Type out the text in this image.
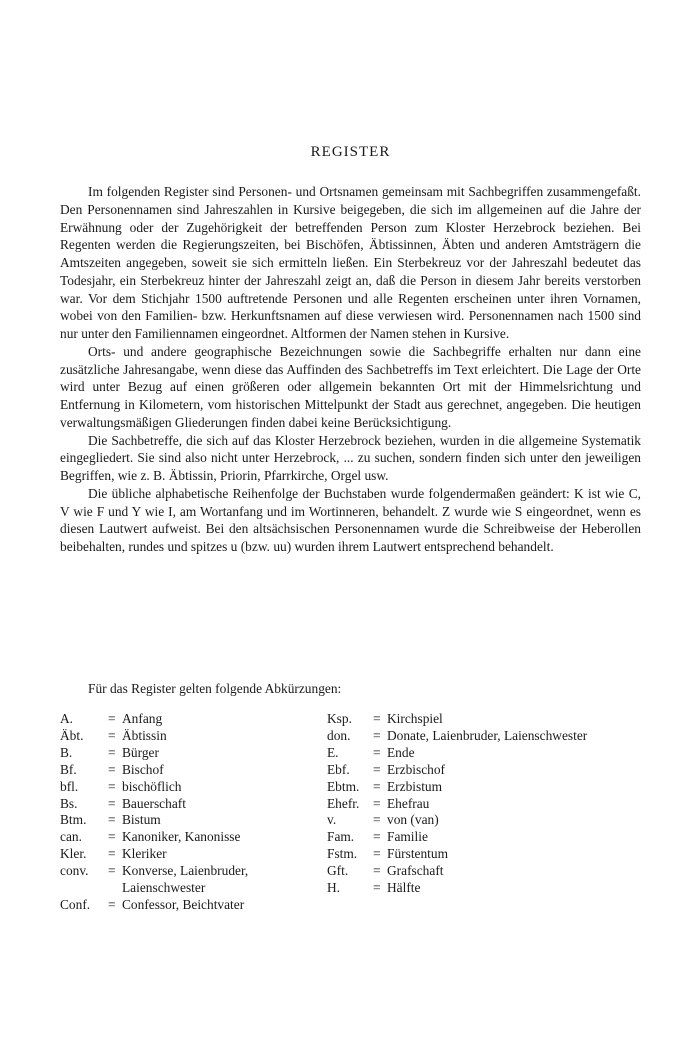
REGISTER

Im folgenden Register sind Personen- und Ortsnamen gemeinsam mit Sachbegriffen zusammengefaßt. Den Personennamen sind Jahreszahlen in Kursive beigegeben, die sich im allgemeinen auf die Jahre der Erwähnung oder der Zugehörigkeit der betreffenden Person zum Kloster Herzebrock beziehen. Bei Regenten werden die Regierungszeiten, bei Bischöfen, Äbtissinnen, Äbten und anderen Amtsträgern die Amtszeiten angegeben, soweit sie sich ermitteln ließen. Ein Sterbekreuz vor der Jahreszahl bedeutet das Todesjahr, ein Sterbekreuz hinter der Jahreszahl zeigt an, daß die Person in diesem Jahr bereits verstorben war. Vor dem Stichjahr 1500 auftretende Personen und alle Regenten erscheinen unter ihren Vornamen, wobei von den Familien- bzw. Herkunftsnamen auf diese verwiesen wird. Personennamen nach 1500 sind nur unter den Familiennamen eingeordnet. Altformen der Namen stehen in Kursive.

Orts- und andere geographische Bezeichnungen sowie die Sachbegriffe erhalten nur dann eine zusätzliche Jahresangabe, wenn diese das Auffinden des Sachbetreffs im Text erleichtert. Die Lage der Orte wird unter Bezug auf einen größeren oder allgemein bekannten Ort mit der Himmelsrichtung und Entfernung in Kilometern, vom historischen Mittelpunkt der Stadt aus gerechnet, angegeben. Die heutigen verwaltungsmäßigen Gliederungen finden dabei keine Berücksichtigung.

Die Sachbetreffe, die sich auf das Kloster Herzebrock beziehen, wurden in die allgemeine Systematik eingegliedert. Sie sind also nicht unter Herzebrock, ... zu suchen, sondern finden sich unter den jeweiligen Begriffen, wie z. B. Äbtissin, Priorin, Pfarrkirche, Orgel usw.

Die übliche alphabetische Reihenfolge der Buchstaben wurde folgendermaßen geändert: K ist wie C, V wie F und Y wie I, am Wortanfang und im Wortinneren, behandelt. Z wurde wie S eingeordnet, wenn es diesen Lautwert aufweist. Bei den altsächsischen Personennamen wurde die Schreibweise der Heberollen beibehalten, rundes und spitzes u (bzw. uu) wurden ihrem Lautwert entsprechend behandelt.

Für das Register gelten folgende Abkürzungen:

A.	= Anfang
Äbt.	= Äbtissin
B.	= Bürger
Bf.	= Bischof
bfl.	= bischöflich
Bs.	= Bauerschaft
Btm.	= Bistum
can.	= Kanoniker, Kanonisse
Kler.	= Kleriker
conv.	= Konverse, Laienbruder, Laienschwester
Conf.	= Confessor, Beichtvater
Ksp.	= Kirchspiel
don.	= Donate, Laienbruder, Laienschwester
E.	= Ende
Ebf.	= Erzbischof
Ebtm.	= Erzbistum
Ehefr.	= Ehefrau
v.	= von (van)
Fam.	= Familie
Fstm.	= Fürstentum
Gft.	= Grafschaft
H.	= Hälfte
